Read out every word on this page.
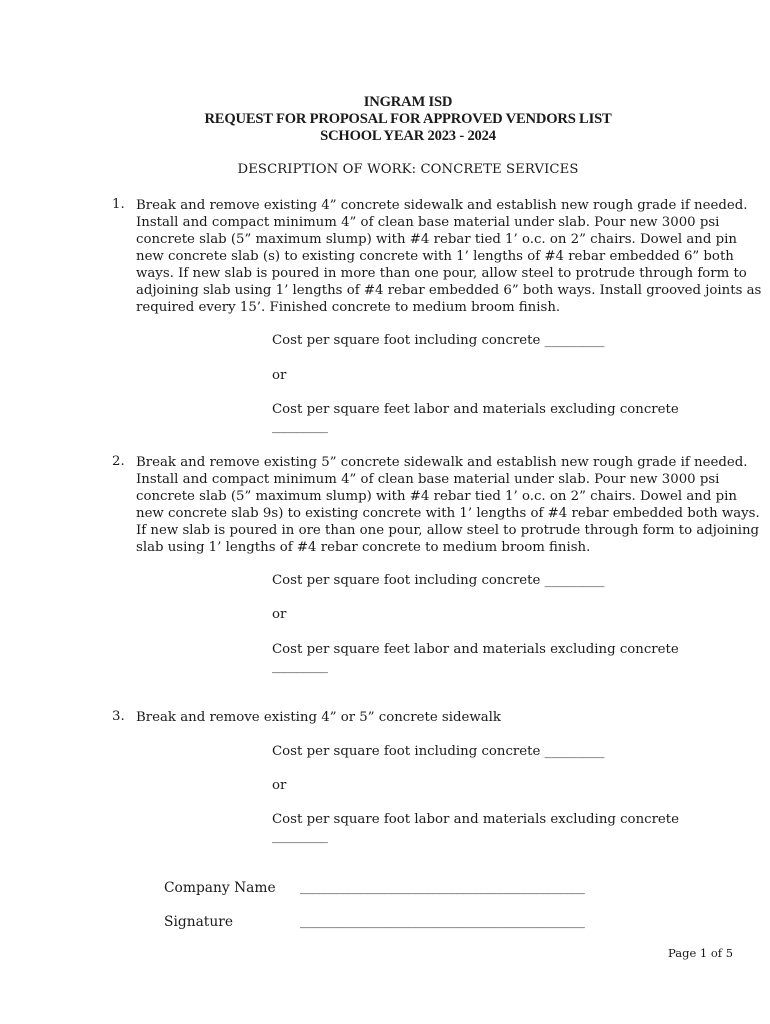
INGRAM ISD
REQUEST FOR PROPOSAL FOR APPROVED VENDORS LIST
SCHOOL YEAR 2023 - 2024
DESCRIPTION OF WORK: CONCRETE SERVICES
1. Break and remove existing 4” concrete sidewalk and establish new rough grade if needed.
Install and compact minimum 4” of clean base material under slab. Pour new 3000 psi
concrete slab (5” maximum slump) with #4 rebar tied 1’ o.c. on 2” chairs. Dowel and pin
new concrete slab (s) to existing concrete with 1’ lengths of #4 rebar embedded 6” both
ways. If new slab is poured in more than one pour, allow steel to protrude through form to
adjoining slab using 1’ lengths of #4 rebar embedded 6” both ways. Install grooved joints as
required every 15’. Finished concrete to medium broom finish.
Cost per square foot including concrete _________
or
Cost per square feet labor and materials excluding concrete
_________
2. Break and remove existing 5” concrete sidewalk and establish new rough grade if needed.
Install and compact minimum 4” of clean base material under slab. Pour new 3000 psi
concrete slab (5” maximum slump) with #4 rebar tied 1’ o.c. on 2” chairs. Dowel and pin
new concrete slab 9s) to existing concrete with 1’ lengths of #4 rebar embedded both ways.
If new slab is poured in ore than one pour, allow steel to protrude through form to adjoining
slab using 1’ lengths of #4 rebar concrete to medium broom finish.
Cost per square foot including concrete _________
or
Cost per square feet labor and materials excluding concrete
_________
3. Break and remove existing 4” or 5” concrete sidewalk
Cost per square foot including concrete _________
or
Cost per square foot labor and materials excluding concrete
_________
Company Name _______________________________________________
Signature	_______________________________________________
Page 1 of 5
